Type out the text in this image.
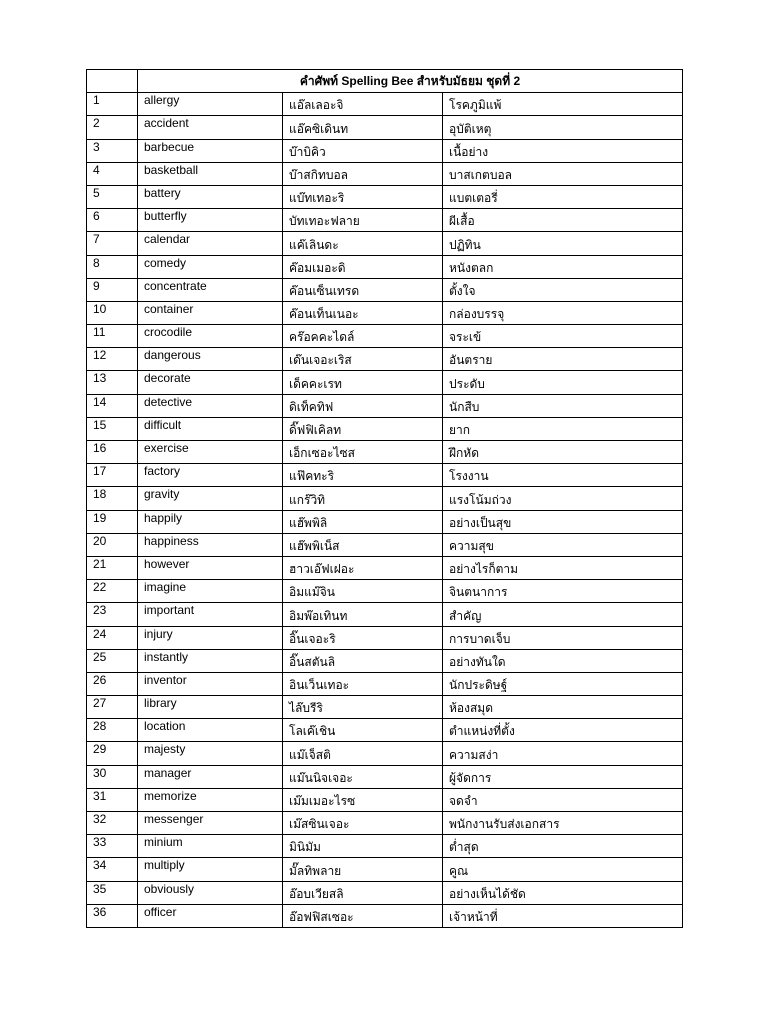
	คำศัพท์ Spelling Bee สำหรับมัธยม ชุดที่ 2		
1	allergy	แอ๊ลเลอะจิ	โรคภูมิแพ้
2	accident	แอ๊คซิเดินท	อุบัติเหตุ
3	barbecue	บ๊าบิคิว	เนื้อย่าง
4	basketball	บ๊าสกิทบอล	บาสเกตบอล
5	battery	แบ๊ทเทอะริ	แบตเตอรี่
6	butterfly	บัทเทอะฟลาย	ผีเสื้อ
7	calendar	แค๊เลินดะ	ปฏิทิน
8	comedy	ค๊อมเมอะดิ	หนังตลก
9	concentrate	ค๊อนเซ็นเทรด	ตั้งใจ
10	container	ค๊อนเท็นเนอะ	กล่องบรรจุ
11	crocodile	คร๊อคคะไดล์	จระเข้
12	dangerous	เด๊นเจอะเริส	อันตราย
13	decorate	เด็คคะเรท	ประดับ
14	detective	ดิเท็คทิฟ	นักสืบ
15	difficult	ดิ๊ฟฟิเคิลท	ยาก
16	exercise	เอ็กเซอะไซส	ฝึกหัด
17	factory	แฟ๊คทะริ	โรงงาน
18	gravity	แกร๊วิทิ	แรงโน้มถ่วง
19	happily	แฮ๊พพิลิ	อย่างเป็นสุข
20	happiness	แฮ๊พพิเน็ส	ความสุข
21	however	ฮาวเอ๊ฟเฝอะ	อย่างไรก็ตาม
22	imagine	อิมแม๊จิน	จินตนาการ
23	important	อิมพ๊อเทินท	สำคัญ
24	injury	อิ๊นเจอะริ	การบาดเจ็บ
25	instantly	อิ๊นสตันลิ	อย่างทันใด
26	inventor	อินเว็นเทอะ	นักประดิษฐ์
27	library	ไล๊บรีริ	ห้องสมุด
28	location	โลเค๊เชิน	ตำแหน่งที่ตั้ง
29	majesty	แม๊เจ็สติ	ความสง่า
30	manager	แม๊นนิจเจอะ	ผู้จัดการ
31	memorize	เม๊มเมอะไรซ	จดจำ
32	messenger	เม๊สซินเจอะ	พนักงานรับส่งเอกสาร
33	minium	มินิมัม	ต่ำสุด
34	multiply	มั๊ลทิพลาย	คูณ
35	obviously	อ๊อบเวียสลิ	อย่างเห็นได้ชัด
36	officer	อ๊อฟฟิสเซอะ	เจ้าหน้าที่
